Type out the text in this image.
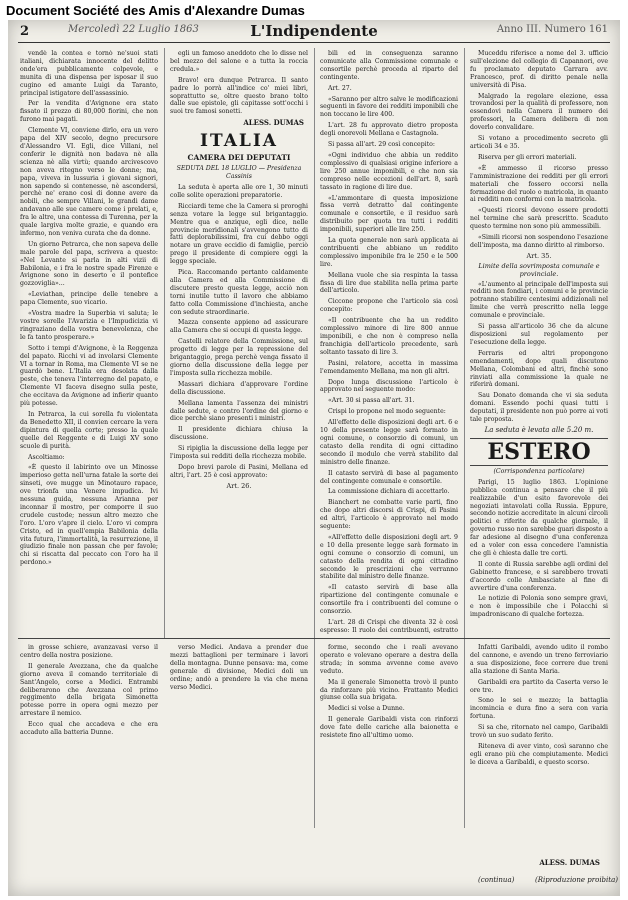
Document Société des Amis d'Alexandre Dumas
2	Mercoledì 22 Luglio 1863	L'Indipendente	Anno III. Numero 161

vendè la contea e tornò ne'suoi stati italiani, dichiarata innocente del delitto onde'era pubblicamente colpevole, e munita di una dispensa per isposar il suo cugino ed amante Luigi da Taranto, principal istigatore dell'assassinio.

Per la vendita d'Avignone era stato fissato il prezzo di 80,000 fiorini, che non furono mai pagati.

Clemente VI, conviene dirlo, era un vero papa del XIV secolo, degno precursore d'Alessandro VI. Egli, dice Villani, nel conferir le dignità non badava nè alla scienza nè alla virtù; quando arcivescovo non aveva ritegno verso le donne; ma, papa, viveva in lussuria i giovani signori, non sapendo si contenesse, nè ascondersi, perchè ne' erano così di donne avere da nobili, che sempre Villani, le grandi dame andavano alle sue camere come i prelati, e, fra le altre, una contessa di Turenna, per la quale largiva molte grazie, e quando era infermo, non veniva curata che da donne.

Un giorno Petrarca, che non sapeva delle male parole del papa, scriveva a questo: «Nel Levante si parla in alti vizii di Babilonia, e i fra le nostre spade Firenze e Avignone sono in deserto e il pontefice gozzoviglia»...

«Leviathan, principe delle tenebre a papa Clemente, suo vicario.

«Vostra madre la Superbia vi saluta; le vostre sorelle l'Avarizia e l'Impudicizia vi ringraziano della vostra benevolenza, che le fa tanto prosperare.»

Sotto i tempi d'Avignone, è la Reggenza del papato. Ricchi vi ad involarsi Clemente VI a tornar in Roma, ma Clemente VI se ne guardò bene. L'Italia era desolata dalla peste, che teneva l'interregno del papato, e Clemente VI faceva disegno sulla peste, che eccitava da Avignone ad infierir quanto più potesse.

In Petrarca, la cui sorella fu violentata da Benedetto XII, il convien cercare la vera dipintura di quella corte; presso la quale quelle del Reggente e di Luigi XV sono scuole di purità.

Ascoltiamo:

«È questo il labirinto ove un Minosse imperioso getta nell'urna fatale la sorte dei sinseti, ove mugge un Minotauro rapace, ove trionfa una Venere impudica. Ivi nessuna guida, nessuna Arianna per inconnar il mostro, per comporre il suo crudele custode; nessun altro mezzo che l'oro. L'oro v'apre il cielo. L'oro vi compra Cristo, ed in quell'empia Babilonia della vita futura, l'immortalità, la resurrezione, il giudizio finale non passan che per favole; chi si riscatta dal peccato con l'oro ha il perdono.»

egli un famoso aneddoto che lo disse nel bel mezzo del salone e a tutta la roccia credula.»

Bravo! era dunque Petrarca. Il santo padre lo porrà all'indice co' miei libri, soprattutto se, oltre questo brano tolto dalle sue epistole, gli capitasse sott'occhi i suoi tre famosi sonetti.

ALESS. DUMAS
ITALIA
CAMERA DEI DEPUTATI
SEDUTA DEL 18 LUGLIO — Presidenza Cassinis

La seduta è aperta alle ore 1, 30 minuti colle solite operazioni preparatorie.

Ricciardi teme che la Camera si proroghi senza votare la legge sul brigantaggio. Mentre qua e anzique, egli dice, nelle provincie meridionali s'avvengono tutto di fatti deplorabilissimi, fra cui debbo oggi notare un grave eccidio di famiglie, perciò prego il presidente di compiere oggi la legge speciale.

Pica. Raccomando pertanto caldamente alla Camera ed alla Commissione di discutere presto questa legge, acciò non torni inutile tutto il lavoro che abbiamo fatto colla Commissione d'inchiesta, anche con sedute straordinarie.

Mazza consente appieno ad assicurare alla Camera che si occupi di questa legge.

Castelli relatore della Commissione, sul progetto di legge per la repressione del brigantaggio, prega perchè venga fissato il giorno della discussione della legge per l'imposta sulla ricchezza mobile.

Massari dichiara d'approvare l'ordine della discussione.

Mellana lamenta l'assenza dei ministri dalle sedute, e contro l'ordine del giorno e dice perchè siano presenti i ministri.

Il presidente dichiara chiusa la discussione.

Si ripiglia la discussione della legge per l'imposta sui redditi della ricchezza mobile.

Dopo brevi parole di Pasini, Mellana ed altri, l'art. 25 è così approvato:

Art. 26.

bili ed in conseguenza saranno comunicate alla Commissione comunale e consortile perchè proceda al riparto del contingente.

Art. 27.

«Saranno per altro salve le modificazioni seguenti in favore dei redditi imponibili che non toccano le lire 400.

L'art. 28 fu approvato dietro proposta degli onorevoli Mellana e Castagnola.

Si passa all'art. 29 così concepito:

«Ogni individuo che abbia un reddito complessivo di qualsiasi origine inferiore a lire 250 annue imponibili, e che non sia compreso nelle eccezioni dell'art. 8, sarà tassato in ragione di lire due.

«L'ammontare di questa imposizione fissa verrà detratto dal contingente comunale e consortile, e il residuo sarà distribuito per quota tra tutti i redditi imponibili, superiori alle lire 250.

La quota generale non sarà applicata ai contribuenti che abbiano un reddito complessivo imponibile fra le 250 e le 500 lire.

Mellana vuole che sia respinta la tassa fissa di lire due stabilita nella prima parte dell'articolo.

Ciccone propone che l'articolo sia così concepito:

«Il contribuente che ha un reddito complessivo minore di lire 800 annue imponibili, e che non è compreso nella franchigia dell'articolo precedente, sarà soltanto tassato di lire 3.

Pasini, relatore, accetta in massima l'emendamento Mellana, ma non gli altri.

Dopo lunga discussione l'articolo è approvato nel seguente modo:

«Art. 30 si passa all'art. 31.

Crispi lo propone nel modo seguente:

All'effetto delle disposizioni degli art. 6 e 10 della presente legge sarà formato in ogni comune, o consorzio di comuni, un catasto della rendita di ogni cittadino secondo il modulo che verrà stabilito dal ministro delle finanze.

Il catasto servirà di base al pagamento del contingente comunale e consortile.

La commissione dichiara di accettarlo.

Bianchert ne combatte varie parti, fino che dopo altri discorsi di Crispi, di Pasini ed altri, l'articolo è approvato nel modo seguente:

«All'effetto delle disposizioni degli art. 9 e 10 della presente legge sarà formato in ogni comune o consorzio di comuni, un catasto della rendita di ogni cittadino secondo le prescrizioni che verranno stabilite dal ministro delle finanze.

«Il catasto servirà di base alla ripartizione del contingente comunale e consortile fra i contribuenti del comune o consorzio.

L'art. 28 di Crispi che diventa 32 è così espresso: Il ruolo dei contribuenti, estratto

Muceddu riferisce a nome del 3. ufficio sull'elezione del collegio di Capannori, ove fu proclamato deputato Carrara avv. Francesco, prof. di diritto penale nella università di Pisa.

Malgrado la regolare elezione, essa trovandosi per la qualità di professore, non essendovi nella Camera il numero dei professori, la Camera delibera di non doverlo convalidare.

Si votano a procedimento secreto gli articoli 34 e 35.

Riserva per gli errori materiali.

«È ammesso il ricorso presso l'amministrazione dei redditi per gli errori materiali che fossero occorsi nella formazione del ruolo o matricola, in quanto ai redditi non conformi con la matricola.

«Questi ricorsi devono essere prodotti nel termine che sarà prescritto. Scaduto questo termine non sono più ammessibili.

«Simili ricorsi non sospendono l'esazione dell'imposta, ma danno diritto al rimborso.

Art. 35.
Limite della sovrimposta comunale e provinciale.

«L'aumento al principale dell'imposta sui redditi non fondiari, i comuni e le provincie potranno stabilire centesimi addizionali nel limite che verrà prescritto nella legge comunale e provinciale.

Si passa all'articolo 36 che da alcune disposizioni sul regolamento per l'esecuzione della legge.

Ferraris ed altri propongono emendamenti, dopo quali discutono Mellana, Colombani ed altri, finchè sono rinviati alla commissione la quale ne riferirà domani.

Sau Donato domanda che vi sia seduta domani. Essendo pochi quasi tutti i deputati, il presidente non può porre ai voti tale proposta.

La seduta è levata alle 5.20 m.
ESTERO
(Corrispondenza particolare)

Parigi, 15 luglio 1863. L'opinione pubblica continua a pensare che il più realizzabile d'un esito favorevole dei negoziati intavolati colla Russia. Eppure, secondo notizie accreditate in alcuni circoli politici e riferite da qualche giornale, il governo russo non sarebbe guari disposto a far adesione al disegno d'una conferenza ed a voler con essa concedere l'amnistia che gli è chiesta dalle tre corti.

Il conte di Russia sarebbe agli ordini del Gabinetto francese, e si sarebbero trovati d'accordo colle Ambasciate al fine di avvertire d'una conferenza.

Le notizie di Polonia sono sempre gravi, e non è impossibile che i Polacchi si impadroniscano di qualche fortezza.

in grosse schiere, avanzavasi verso il centro della nostra posizione.

Il generale Avezzana, che da qualche giorno aveva il comando territoriale di Sant'Angelo, corse a Medici. Entrambi deliberarono che Avezzana col primo reggimento della brigata Simonetta potesse porre in opera ogni mezzo per arrestare il nemico.

Ecco qual che accadeva e che era accaduto alla batteria Dunne.

verso Medici. Andava a prender due mezzi battaglioni per terminare i lavori della montagna. Dunne pensava: ma, come generale di divisione, Medici doli un ordine; andò a prendere la via che mena verso Medici.

forme, secondo che i reali avevano operato e volevano operare a destra della strada; in somma avvenne come avevo veduto.

Ma il generale Simonetta trovò il punto da rinforzare più vicino. Frattanto Medici giunse colla sua brigata.

Medici si volse a Dunne.

Il generale Garibaldi vista con rinforzi dove fate delle cariche alla baionetta e resistete fino all'ultimo uomo.

Infatti Garibaldi, avendo udito il rombo del cannone, e avendo un treno ferroviario a sua disposizione, fece correre due treni alla stazione di Santa Maria.

Garibaldi era partito da Caserta verso le ore tre.

Sono le sei e mezzo; la battaglia incomincia e dura fino a sera con varia fortuna.

Si sa che, ritornato nel campo, Garibaldi trovò un suo sudato ferito.

Riteneva di aver vinto, così saranno che egli erano più che compiutamente. Medici le diceva a Garibaldi, e questo scorso.

ALESS. DUMAS
(continua)	(Riproduzione proibita)
